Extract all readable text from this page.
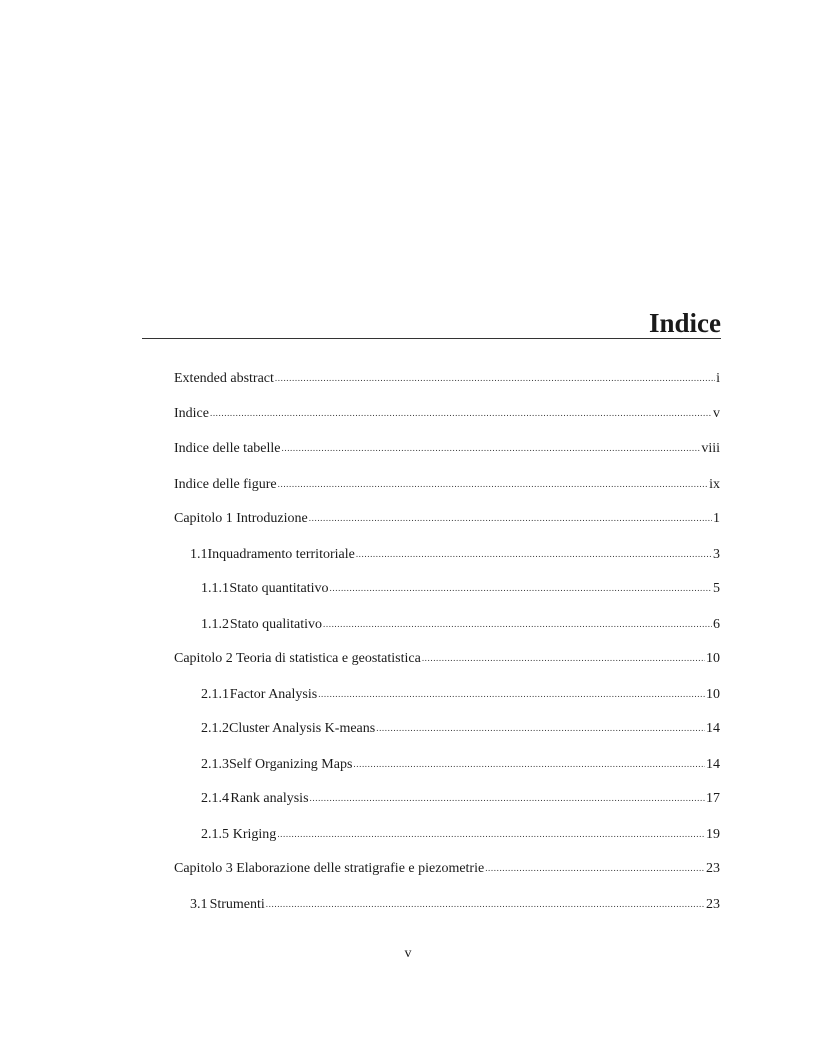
Indice
Extended abstract .....	i
Indice .....	v
Indice delle tabelle .....	viii
Indice delle figure .....	ix
Capitolo 1 Introduzione .....	1
1.1 Inquadramento territoriale .....	3
1.1.1 Stato quantitativo .....	5
1.1.2 Stato qualitativo .....	6
Capitolo 2 Teoria di statistica e geostatistica .....	10
2.1.1 Factor Analysis .....	10
2.1.2 Cluster Analysis K-means .....	14
2.1.3 Self Organizing Maps .....	14
2.1.4 Rank analysis .....	17
2.1.5 Kriging .....	19
Capitolo 3 Elaborazione delle stratigrafie e piezometrie .....	23
3.1 Strumenti .....	23
v
